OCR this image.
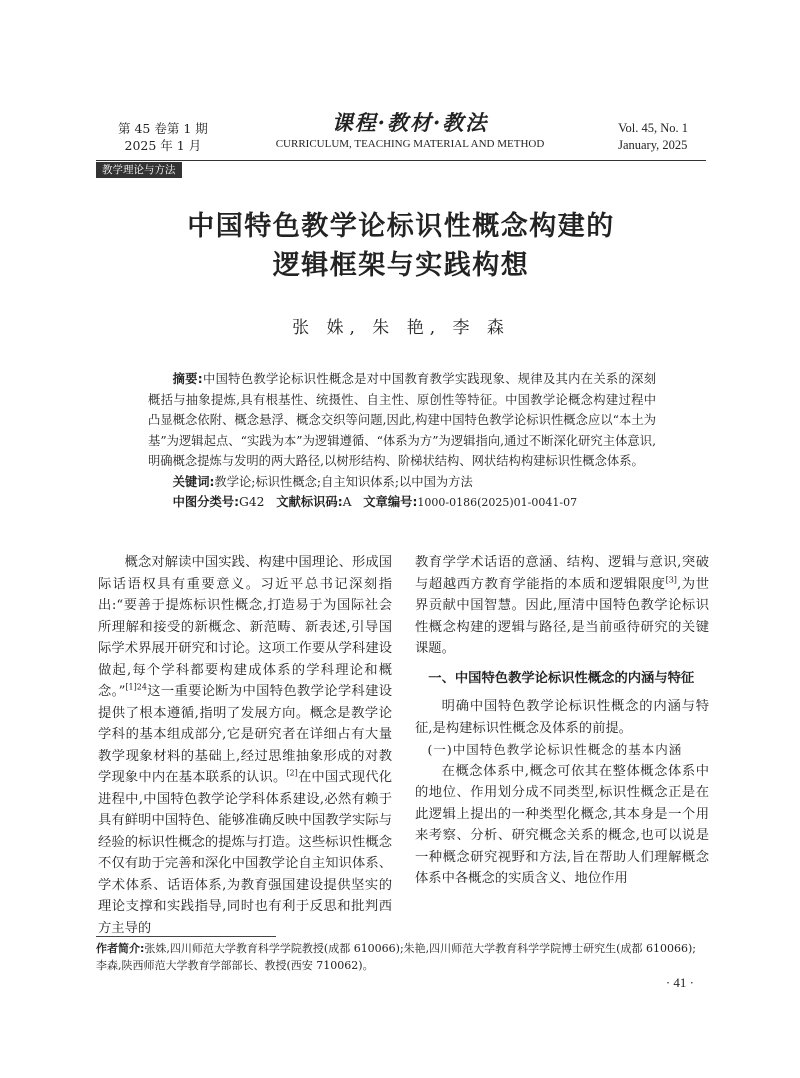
第 45 卷第 1 期
2025 年 1 月
课程·教材·教法
CURRICULUM, TEACHING MATERIAL AND METHOD
Vol. 45, No. 1
January, 2025
教学理论与方法
中国特色教学论标识性概念构建的
逻辑框架与实践构想
张 姝, 朱 艳, 李 森

摘要:中国特色教学论标识性概念是对中国教育教学实践现象、规律及其内在关系的深刻概括与抽象提炼,具有根基性、统摄性、自主性、原创性等特征。中国教学论概念构建过程中凸显概念依附、概念悬浮、概念交织等问题,因此,构建中国特色教学论标识性概念应以“本土为基”为逻辑起点、“实践为本”为逻辑遵循、“体系为方”为逻辑指向,通过不断深化研究主体意识,明确概念提炼与发明的两大路径,以树形结构、阶梯状结构、网状结构构建标识性概念体系。

关键词:教学论;标识性概念;自主知识体系;以中国为方法

中图分类号:G42 文献标识码:A 文章编号:1000-0186(2025)01-0041-07

概念对解读中国实践、构建中国理论、形成国际话语权具有重要意义。习近平总书记深刻指出:“要善于提炼标识性概念,打造易于为国际社会所理解和接受的新概念、新范畴、新表述,引导国际学术界展开研究和讨论。这项工作要从学科建设做起,每个学科都要构建成体系的学科理论和概念。”$^{[1]24}$这一重要论断为中国特色教学论学科建设提供了根本遵循,指明了发展方向。概念是教学论学科的基本组成部分,它是研究者在详细占有大量教学现象材料的基础上,经过思维抽象形成的对教学现象中内在基本联系的认识。[2]在中国式现代化进程中,中国特色教学论学科体系建设,必然有赖于具有鲜明中国特色、能够准确反映中国教学实际与经验的标识性概念的提炼与打造。这些标识性概念不仅有助于完善和深化中国教学论自主知识体系、学术体系、话语体系,为教育强国建设提供坚实的理论支撑和实践指导,同时也有利于反思和批判西方主导的

教育学学术话语的意涵、结构、逻辑与意识,突破与超越西方教育学能指的本质和逻辑限度[3],为世界贡献中国智慧。因此,厘清中国特色教学论标识性概念构建的逻辑与路径,是当前亟待研究的关键课题。

一、中国特色教学论标识性概念的内涵与特征

明确中国特色教学论标识性概念的内涵与特征,是构建标识性概念及体系的前提。

(一)中国特色教学论标识性概念的基本内涵

在概念体系中,概念可依其在整体概念体系中的地位、作用划分成不同类型,标识性概念正是在此逻辑上提出的一种类型化概念,其本身是一个用来考察、分析、研究概念关系的概念,也可以说是一种概念研究视野和方法,旨在帮助人们理解概念体系中各概念的实质含义、地位作用

作者简介:张姝,四川师范大学教育科学学院教授(成都 610066);朱艳,四川师范大学教育科学学院博士研究生(成都 610066);李森,陕西师范大学教育学部部长、教授(西安 710062)。
· 41 ·
